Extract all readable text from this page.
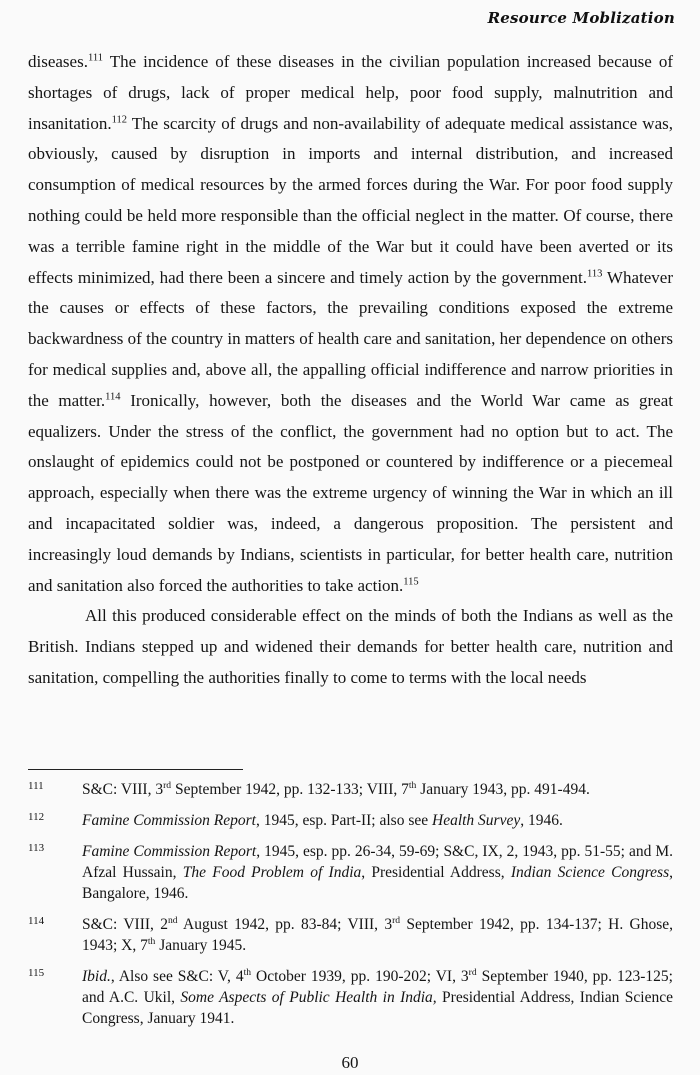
Resource Moblization

diseases.$^{111}$ The incidence of these diseases in the civilian population increased because of shortages of drugs, lack of proper medical help, poor food supply, malnutrition and insanitation.$^{112}$ The scarcity of drugs and non-availability of adequate medical assistance was, obviously, caused by disruption in imports and internal distribution, and increased consumption of medical resources by the armed forces during the War. For poor food supply nothing could be held more responsible than the official neglect in the matter. Of course, there was a terrible famine right in the middle of the War but it could have been averted or its effects minimized, had there been a sincere and timely action by the government.$^{113}$ Whatever the causes or effects of these factors, the prevailing conditions exposed the extreme backwardness of the country in matters of health care and sanitation, her dependence on others for medical supplies and, above all, the appalling official indifference and narrow priorities in the matter.$^{114}$ Ironically, however, both the diseases and the World War came as great equalizers. Under the stress of the conflict, the government had no option but to act. The onslaught of epidemics could not be postponed or countered by indifference or a piecemeal approach, especially when there was the extreme urgency of winning the War in which an ill and incapacitated soldier was, indeed, a dangerous proposition. The persistent and increasingly loud demands by Indians, scientists in particular, for better health care, nutrition and sanitation also forced the authorities to take action.$^{115}$

All this produced considerable effect on the minds of both the Indians as well as the British. Indians stepped up and widened their demands for better health care, nutrition and sanitation, compelling the authorities finally to come to terms with the local needs

111	S&C: VIII, 3rd September 1942, pp. 132-133; VIII, 7th January 1943, pp. 491-494.
112	Famine Commission Report, 1945, esp. Part-II; also see Health Survey, 1946.
113	Famine Commission Report, 1945, esp. pp. 26-34, 59-69; S&C, IX, 2, 1943, pp. 51-55; and M. Afzal Hussain, The Food Problem of India, Presidential Address, Indian Science Congress, Bangalore, 1946.
114	S&C: VIII, 2nd August 1942, pp. 83-84; VIII, 3rd September 1942, pp. 134-137; H. Ghose, 1943; X, 7th January 1945.
115	Ibid., Also see S&C: V, 4th October 1939, pp. 190-202; VI, 3rd September 1940, pp. 123-125; and A.C. Ukil, Some Aspects of Public Health in India, Presidential Address, Indian Science Congress, January 1941.
60
